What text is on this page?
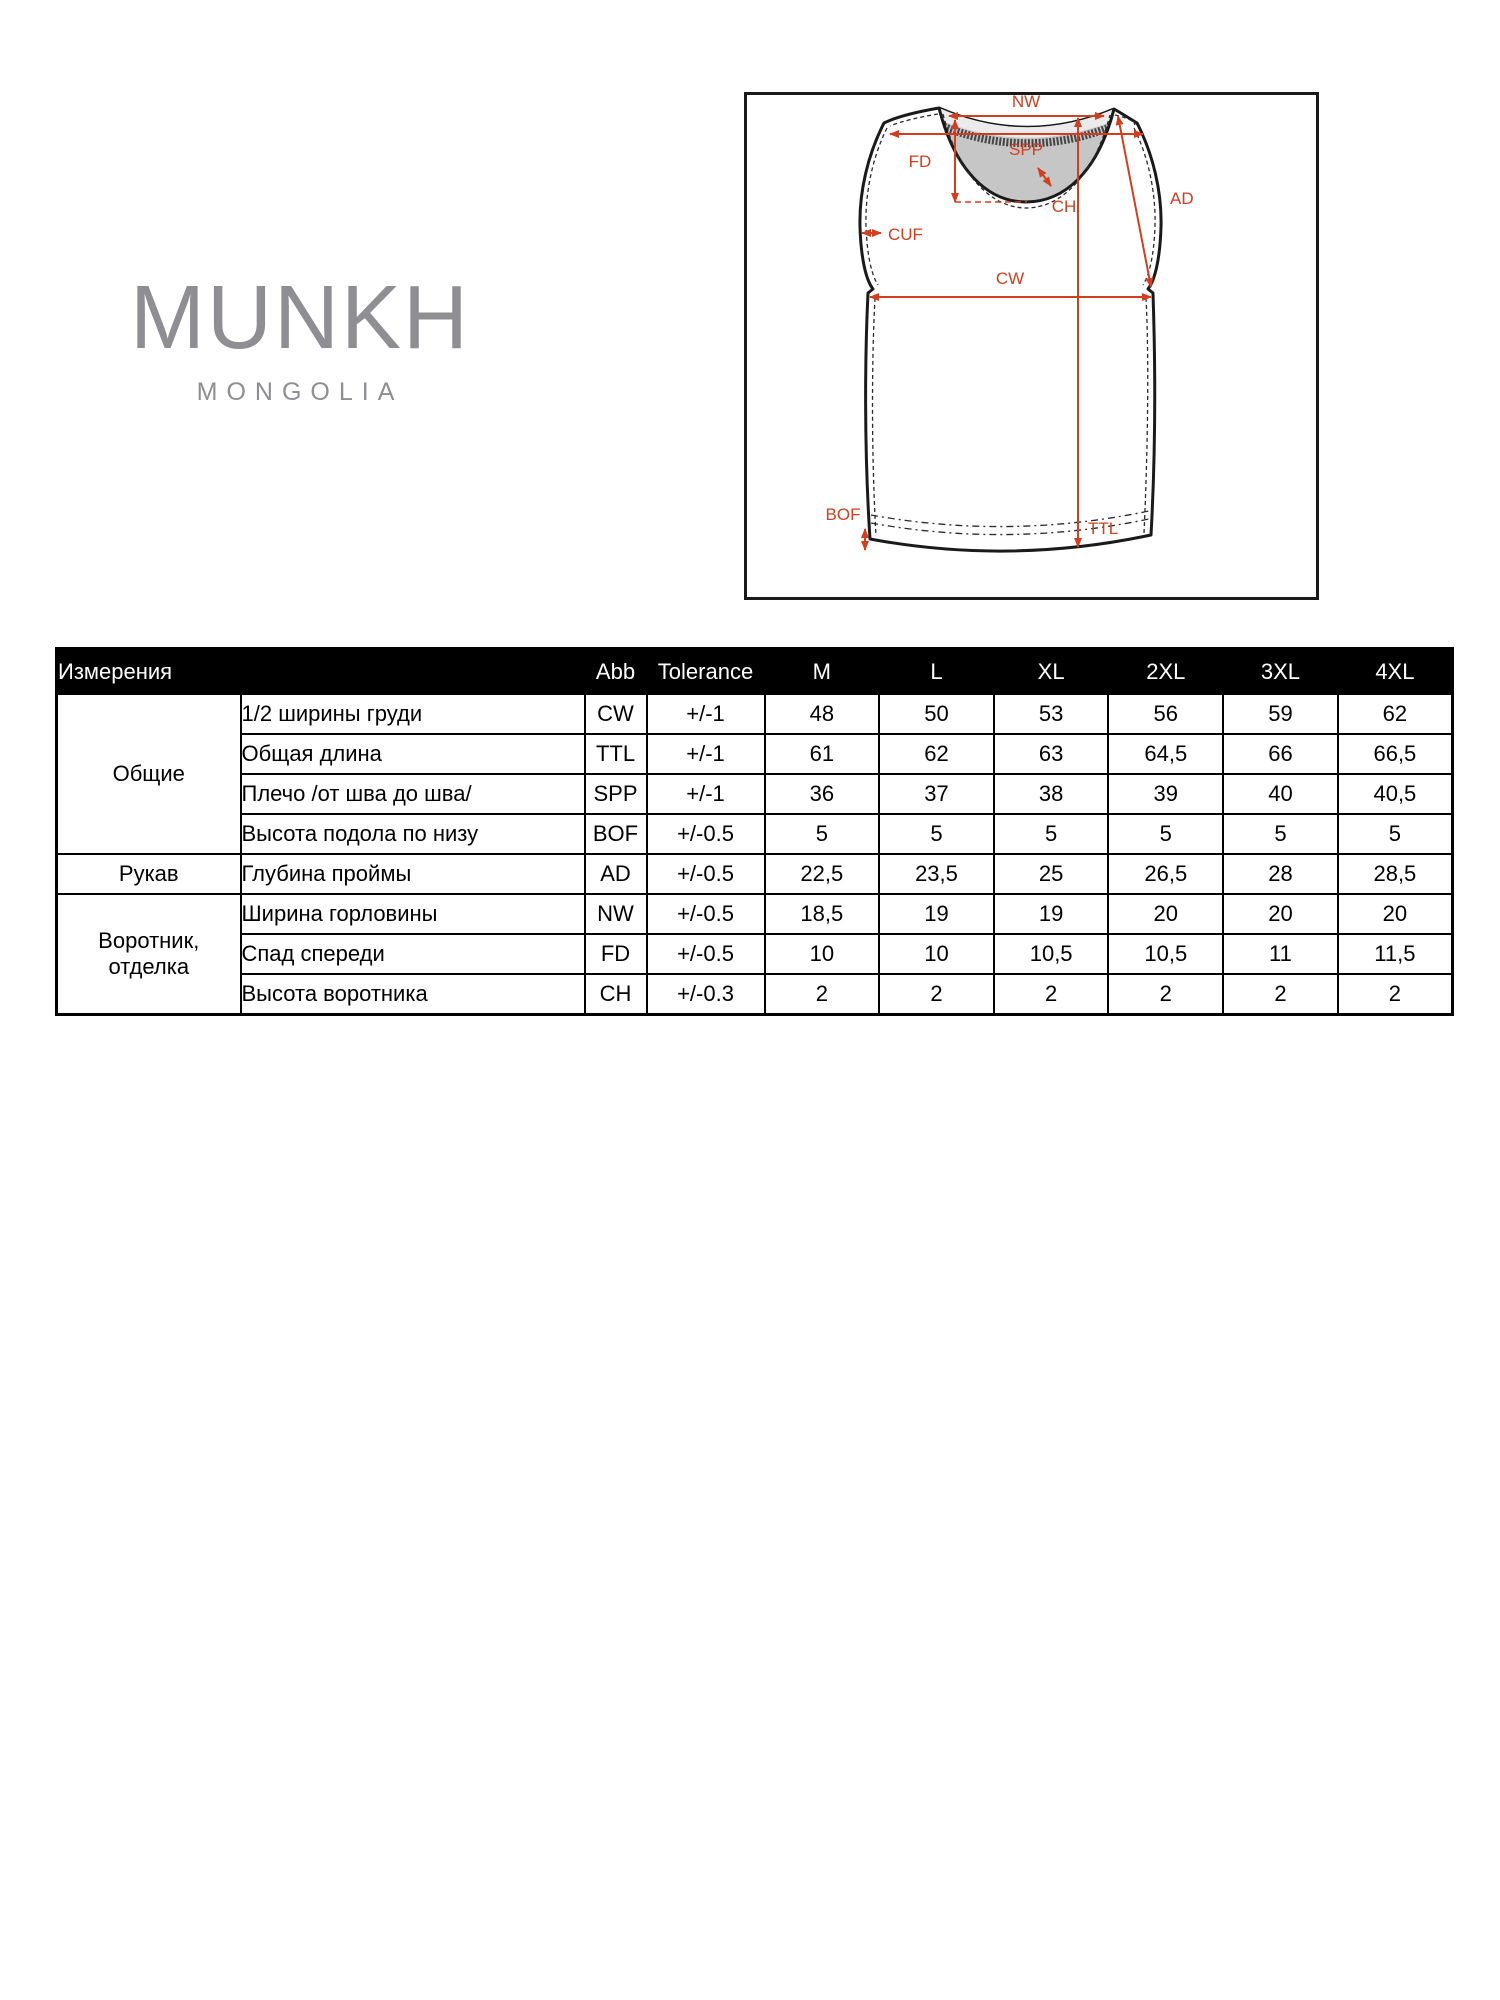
MUNKH
MONGOLIA
NW
SPP
FD
CH	AD
CUF
CW
TTL
BOF
Измерения		Abb	Tolerance	M	L	XL	2XL	3XL	4XL
Общие	1/2 ширины груди	CW	+/-1	48	50	53	56	59	62
	Общая длина	TTL	+/-1	61	62	63	64,5	66	66,5
	Плечо /от шва до шва/	SPP	+/-1	36	37	38	39	40	40,5
	Высота подола по низу	BOF	+/-0.5	5	5	5	5	5	5
Рукав	Глубина проймы	AD	+/-0.5	22,5	23,5	25	26,5	28	28,5
Воротник, отделка	Ширина горловины	NW	+/-0.5	18,5	19	19	20	20	20
	Спад спереди	FD	+/-0.5	10	10	10,5	10,5	11	11,5
	Высота воротника	CH	+/-0.3	2	2	2	2	2	2
